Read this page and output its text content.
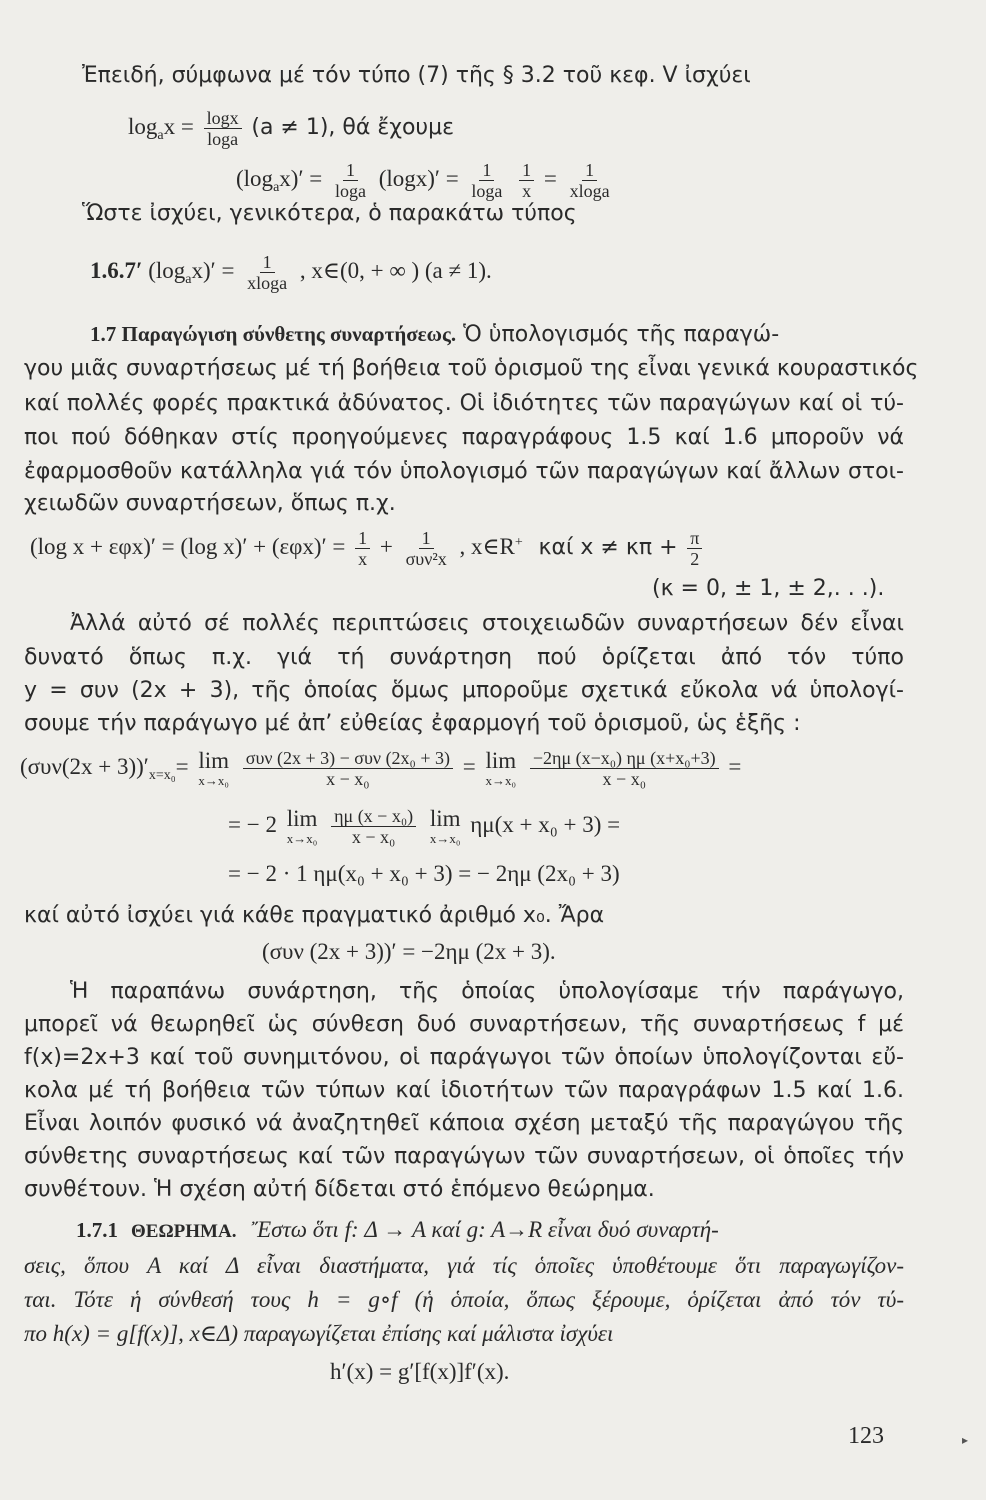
Ἐπειδή, σύμφωνα μέ τόν τύπο (7) τῆς § 3.2 τοῦ κεφ. V ἰσχύει
$\log_ax = \frac{\log x}{\log a} (a \ne 1)$, θά ἔχουμε
$(\log_ax)' = \frac{1}{\log a} (\log x)' = \frac{1}{\log a}$
$\frac{1}{x} = \frac{1}{xloga}$
Ὥστε ἰσχύει, γενικότερα, ὁ παρακάτω τύπος
1.6.7′ $(\log_ax)' = \frac{1}{xloga}$ , x∈(0, + ∞ ) (a ≠ 1).
1.7 Παραγώγιση σύνθετης συναρτήσεως. Ὁ ὑπολογισμός τῆς παραγώ-
γου μιᾶς συναρτήσεως μέ τή βοήθεια τοῦ ὁρισμοῦ της εἶναι γενικά κουραστικός
καί πολλές φορές πρακτικά ἀδύνατος. Οἱ ἰδιότητες τῶν παραγώγων καί οἱ τύ-
ποι πού δόθηκαν στίς προηγούμενες παραγράφους 1.5 καί 1.6 μποροῦν νά
ἐφαρμοσθοῦν κατάλληλα γιά τόν ὑπολογισμό τῶν παραγώγων καί ἄλλων στοι-
χειωδῶν συναρτήσεων, ὅπως π.χ.
(log x + εφx)′ = (log $x)' + (\varepsilon\varphi x)' = \frac{1}{x} + \frac{1}{\text{συν²x}}$ , x∈R+ καί $x \ne \kappa\pi + \frac{\pi}{2}$
(κ = 0, ± 1, ± 2,. . .).
Ἀλλά αὐτό σέ πολλές περιπτώσεις στοιχειωδῶν συναρτήσεων δέν εἶναι
δυνατό ὅπως π.χ. γιά τή συνάρτηση πού ὁρίζεται ἀπό τόν τύπο
y = συν (2x + 3), τῆς ὁποίας ὅμως μποροῦμε σχετικά εὔκολα νά ὑπολογί-
σουμε τήν παράγωγο μέ ἀπ’ εὐθείας ἐφαρμογή τοῦ ὁρισμοῦ, ὡς ἑξῆς :
$(\sigma\upsilon\nu(2x + 3))'_{x=x_0}= \lim$
x→x₀
$\frac{\text{συν (2x + 3) − συν (2x₀ + 3)}}{\text{x − x₀}} = \lim$
x→x₀
$\frac{\text{−2ημ (x−x₀) ημ (x+x₀+3)}}{\text{x − x₀}}$ =
= − 2 lim
x→x₀
$\frac{\text{ημ (x − x₀)}}{\text{x − x₀}}$
lim
x→x₀
ημ(x + x₀ + 3) =
= − 2 · 1 ημ(x₀ + x₀ + 3) = − 2ημ (2x₀ + 3)
καί αὐτό ἰσχύει γιά κάθε πραγματικό ἀριθμό x₀. Ἄρα
(συν (2x + 3))′ = −2ημ (2x + 3).
Ἡ παραπάνω συνάρτηση, τῆς ὁποίας ὑπολογίσαμε τήν παράγωγο,
μπορεῖ νά θεωρηθεῖ ὡς σύνθεση δυό συναρτήσεων, τῆς συναρτήσεως f μέ
f(x)=2x+3 καί τοῦ συνημιτόνου, οἱ παράγωγοι τῶν ὁποίων ὑπολογίζονται εὔ-
κολα μέ τή βοήθεια τῶν τύπων καί ἰδιοτήτων τῶν παραγράφων 1.5 καί 1.6.
Εἶναι λοιπόν φυσικό νά ἀναζητηθεῖ κάποια σχέση μεταξύ τῆς παραγώγου τῆς
σύνθετης συναρτήσεως καί τῶν παραγώγων τῶν συναρτήσεων, οἱ ὁποῖες τήν
συνθέτουν. Ἡ σχέση αὐτή δίδεται στό ἑπόμενο θεώρημα.
1.7.1 ΘΕΩΡΗΜΑ. Ἔστω ὅτι f: Δ → A καί g: A→R εἶναι δυό συναρτή-
σεις, ὅπου A καί Δ εἶναι διαστήματα, γιά τίς ὁποῖες ὑποθέτουμε ὅτι παραγωγίζον-
ται. Τότε ἡ σύνθεσή τους h = g∘f (ἡ ὁποία, ὅπως ξέρουμε, ὁρίζεται ἀπό τόν τύ-
πο h(x) = g[f(x)], x∈Δ) παραγωγίζεται ἐπίσης καί μάλιστα ἰσχύει
h′(x) = g′[f(x)]f′(x).
123	▸
